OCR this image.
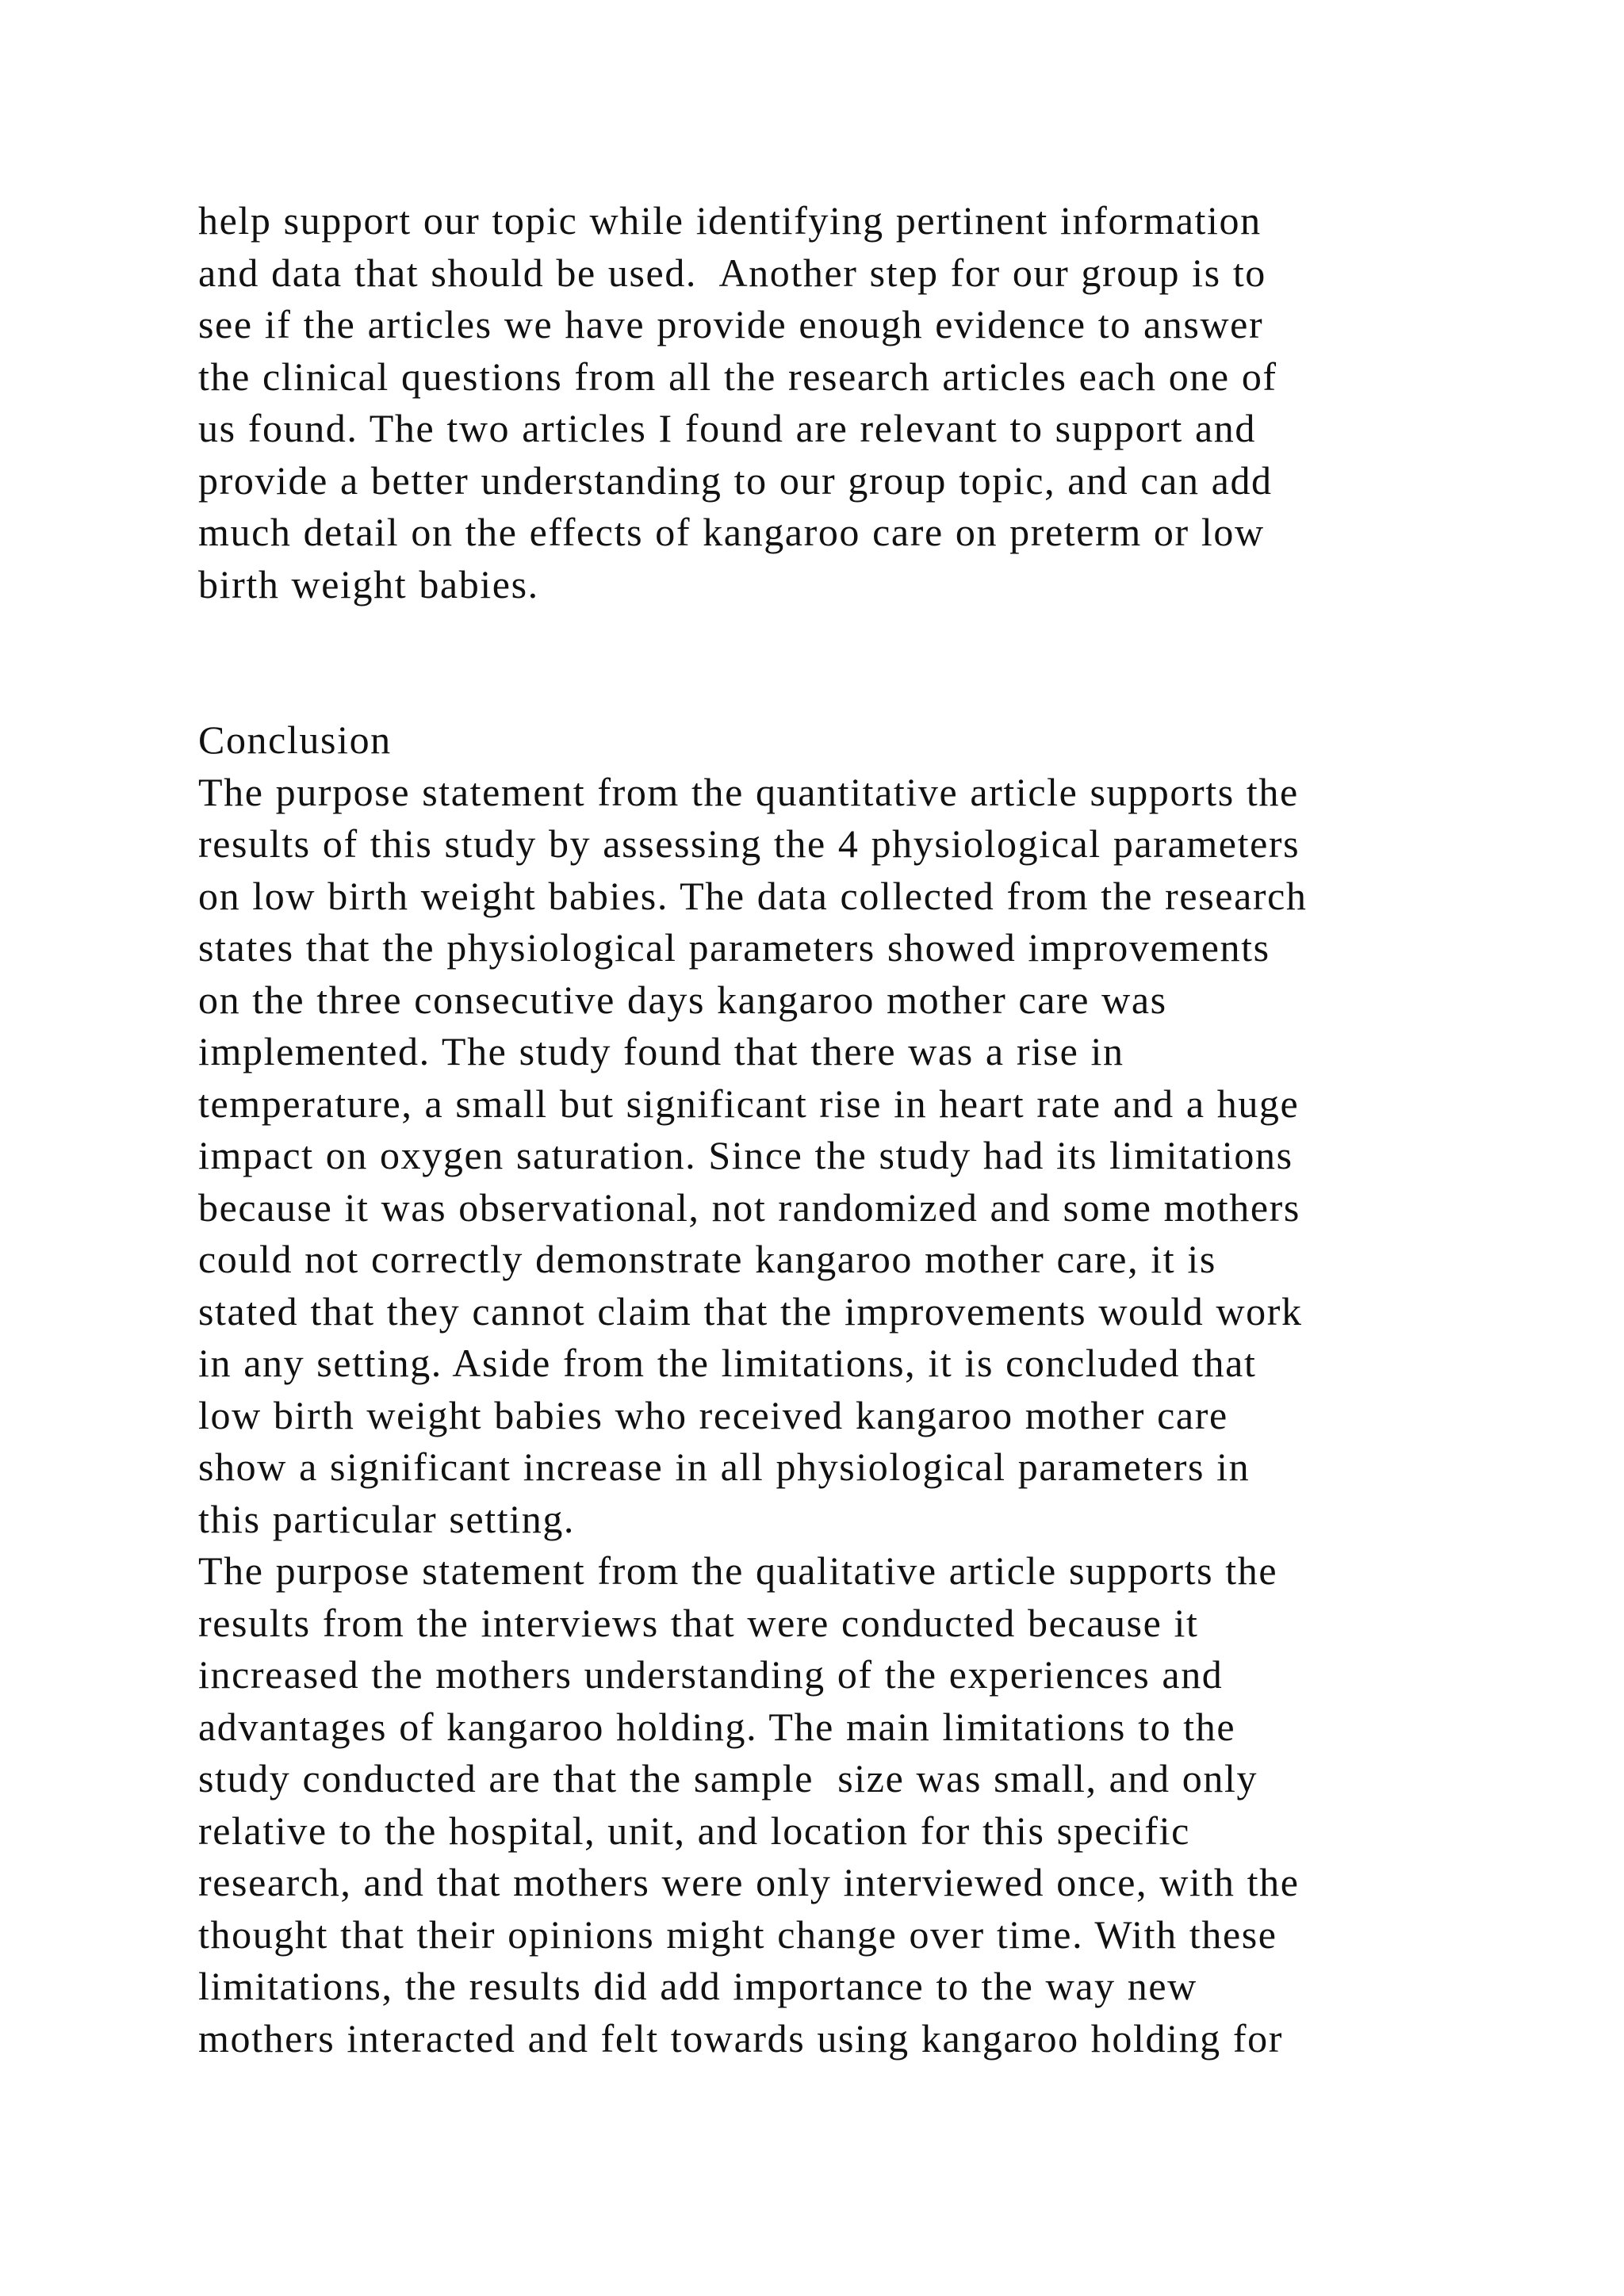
help support our topic while identifying pertinent information
and data that should be used.  Another step for our group is to
see if the articles we have provide enough evidence to answer
the clinical questions from all the research articles each one of
us found. The two articles I found are relevant to support and
provide a better understanding to our group topic, and can add
much detail on the effects of kangaroo care on preterm or low
birth weight babies.
Conclusion
The purpose statement from the quantitative article supports the
results of this study by assessing the 4 physiological parameters
on low birth weight babies. The data collected from the research
states that the physiological parameters showed improvements
on the three consecutive days kangaroo mother care was
implemented. The study found that there was a rise in
temperature, a small but significant rise in heart rate and a huge
impact on oxygen saturation. Since the study had its limitations
because it was observational, not randomized and some mothers
could not correctly demonstrate kangaroo mother care, it is
stated that they cannot claim that the improvements would work
in any setting. Aside from the limitations, it is concluded that
low birth weight babies who received kangaroo mother care
show a significant increase in all physiological parameters in
this particular setting.
The purpose statement from the qualitative article supports the
results from the interviews that were conducted because it
increased the mothers understanding of the experiences and
advantages of kangaroo holding. The main limitations to the
study conducted are that the sample  size was small, and only
relative to the hospital, unit, and location for this specific
research, and that mothers were only interviewed once, with the
thought that their opinions might change over time. With these
limitations, the results did add importance to the way new
mothers interacted and felt towards using kangaroo holding for
